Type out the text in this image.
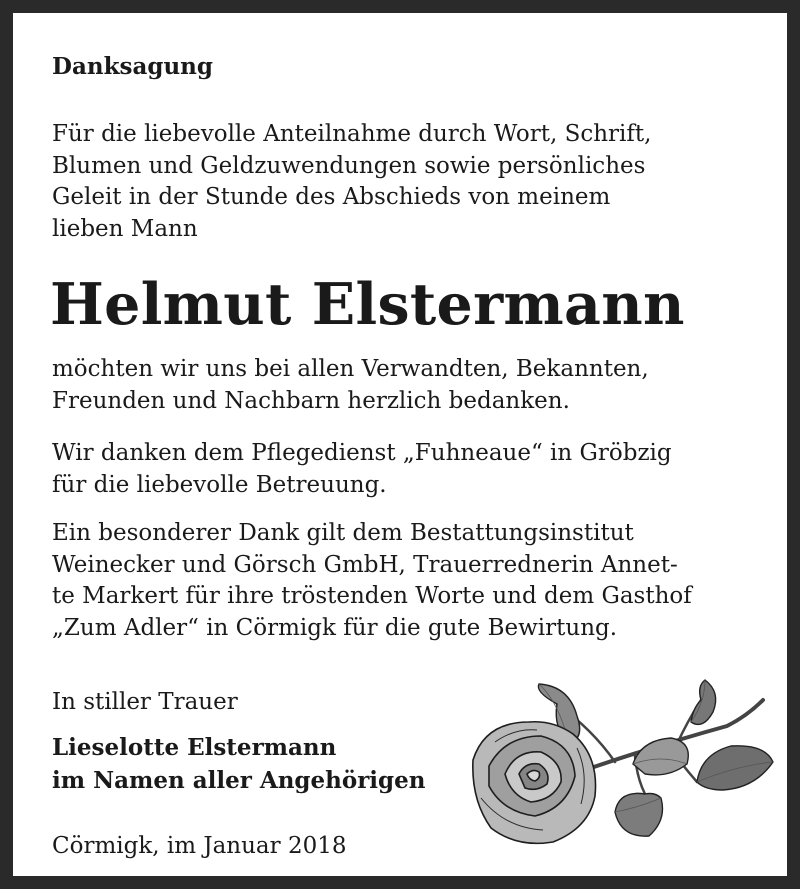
Danksagung
Für die liebevolle Anteilnahme durch Wort, Schrift,
Blumen und Geldzuwendungen sowie persönliches
Geleit in der Stunde des Abschieds von meinem
lieben Mann
Helmut Elstermann
möchten wir uns bei allen Verwandten, Bekannten,
Freunden und Nachbarn herzlich bedanken.
Wir danken dem Pflegedienst „Fuhneaue“ in Gröbzig
für die liebevolle Betreuung.
Ein besonderer Dank gilt dem Bestattungsinstitut
Weinecker und Görsch GmbH, Trauerrednerin Annet-
te Markert für ihre tröstenden Worte und dem Gasthof
„Zum Adler“ in Cörmigk für die gute Bewirtung.
In stiller Trauer
Lieselotte Elstermann
im Namen aller Angehörigen
Cörmigk, im Januar 2018
